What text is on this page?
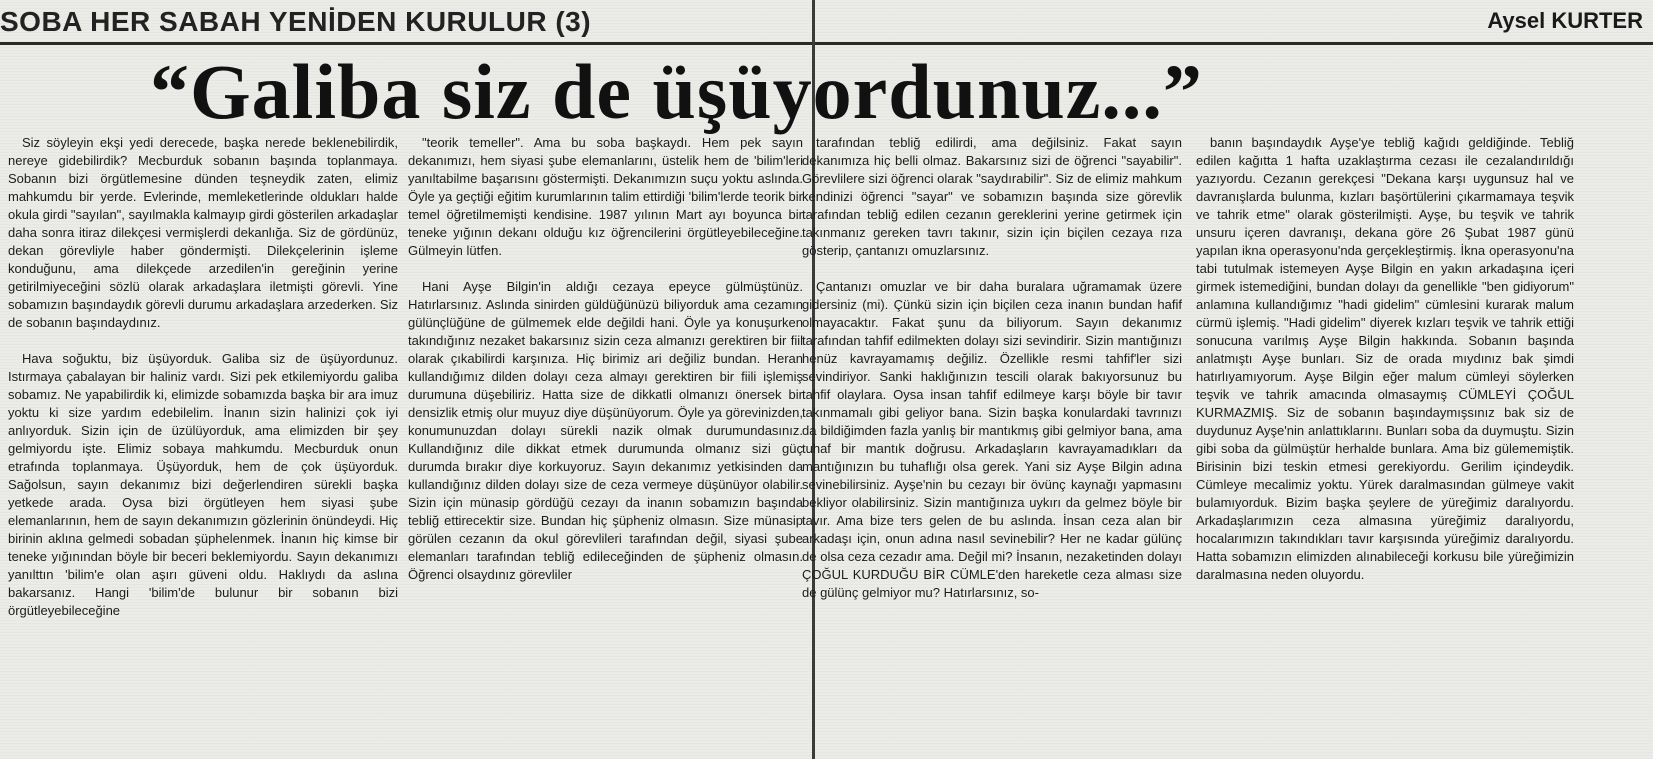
SOBA HER SABAH YENİDEN KURULUR (3)	Aysel KURTER
“Galiba siz de üşüyordunuz...”

Siz söyleyin ekşi yedi derecede, başka nerede beklenebilirdik, nereye gidebilirdik? Mecburduk sobanın başında toplanmaya. Sobanın bizi örgütlemesine dünden teşneydik zaten, elimiz mahkumdu bir yerde. Evlerinde, memleketlerinde oldukları halde okula girdi "sayılan", sayılmakla kalmayıp girdi gösterilen arkadaşlar daha sonra itiraz dilekçesi vermişlerdi dekanlığa. Siz de gördünüz, dekan görevliyle haber göndermişti. Dilekçelerinin işleme konduğunu, ama dilekçede arzedilen'in gereğinin yerine getirilmiyeceğini sözlü olarak arkadaşlara iletmişti görevli. Yine sobamızın başındaydık görevli durumu arkadaşlara arzederken. Siz de sobanın başındaydınız.

Hava soğuktu, biz üşüyorduk. Galiba siz de üşüyordunuz. Istırmaya çabalayan bir haliniz vardı. Sizi pek etkilemiyordu galiba sobamız. Ne yapabilirdik ki, elimizde sobamızda başka bir ara imuz yoktu ki size yardım edebilelim. İnanın sizin halinizi çok iyi anlıyorduk. Sizin için de üzülüyorduk, ama elimizden bir şey gelmiyordu işte. Elimiz sobaya mahkumdu. Mecburduk onun etrafında toplanmaya. Üşüyorduk, hem de çok üşüyorduk. Sağolsun, sayın dekanımız bizi değerlendiren sürekli başka yetkede arada. Oysa bizi örgütleyen hem siyasi şube elemanlarının, hem de sayın dekanımızın gözlerinin önündeydi. Hiç birinin aklına gelmedi sobadan şüphelenmek. İnanın hiç kimse bir teneke yığınından böyle bir beceri beklemiyordu. Sayın dekanımızı yanılttın 'bilim'e olan aşırı güveni oldu. Haklıydı da aslına bakarsanız. Hangi 'bilim'de bulunur bir sobanın bizi örgütleyebileceğine

"teorik temeller". Ama bu soba başkaydı. Hem pek sayın dekanımızı, hem siyasi şube elemanlarını, üstelik hem de 'bilim'leri yanıltabilme başarısını göstermişti. Dekanımızın suçu yoktu aslında. Öyle ya geçtiği eğitim kurumlarının talim ettirdiği 'bilim'lerde teorik bir temel öğretilmemişti kendisine. 1987 yılının Mart ayı boyunca bir teneke yığının dekanı olduğu kız öğrencilerini örgütleyebileceğine. Gülmeyin lütfen.

Hani Ayşe Bilgin'in aldığı cezaya epeyce gülmüştünüz. Hatırlarsınız. Aslında sinirden güldüğünüzü biliyorduk ama cezamın gülünçlüğüne de gülmemek elde değildi hani. Öyle ya konuşurken takındığınız nezaket bakarsınız sizin ceza almanızı gerektiren bir fiil olarak çıkabilirdi karşınıza. Hiç birimiz ari değiliz bundan. Heran kullandığımız dilden dolayı ceza almayı gerektiren bir fiili işlemiş durumuna düşebiliriz. Hatta size de dikkatli olmanızı önersek bir densizlik etmiş olur muyuz diye düşünüyorum. Öyle ya görevinizden, konumunuzdan dolayı sürekli nazik olmak durumundasınız. Kullandığınız dile dikkat etmek durumunda olmanız sizi güç durumda bırakır diye korkuyoruz. Sayın dekanımız yetkisinden da kullandığınız dilden dolayı size de ceza vermeye düşünüyor olabilir. Sizin için münasip gördüğü cezayı da inanın sobamızın başında tebliğ ettirecektir size. Bundan hiç şüpheniz olmasın. Size münasip görülen cezanın da okul görevlileri tarafından değil, siyasi şube elemanları tarafından tebliğ edileceğinden de şüpheniz olmasın. Öğrenci olsaydınız görevliler

tarafından tebliğ edilirdi, ama değilsiniz. Fakat sayın dekanımıza hiç belli olmaz. Bakarsınız sizi de öğrenci "sayabilir". Görevlilere sizi öğrenci olarak "saydırabilir". Siz de elimiz mahkum kendinizi öğrenci "sayar" ve sobamızın başında size görevlik tarafından tebliğ edilen cezanın gereklerini yerine getirmek için takınmanız gereken tavrı takınır, sizin için biçilen cezaya rıza gösterip, çantanızı omuzlarsınız.

Çantanızı omuzlar ve bir daha buralara uğramamak üzere gidersiniz (mi). Çünkü sizin için biçilen ceza inanın bundan hafif olmayacaktır. Fakat şunu da biliyorum. Sayın dekanımız tarafından tahfif edilmekten dolayı sizi sevindirir. Sizin mantığınızı henüz kavrayamamış değiliz. Özellikle resmi tahfif'ler sizi sevindiriyor. Sanki haklığınızın tescili olarak bakıyorsunuz bu tahfif olaylara. Oysa insan tahfif edilmeye karşı böyle bir tavır takınmamalı gibi geliyor bana. Sizin başka konulardaki tavrınızı da bildiğimden fazla yanlış bir mantıkmış gibi gelmiyor bana, ama tuhaf bir mantık doğrusu. Arkadaşların kavrayamadıkları da mantığınızın bu tuhaflığı olsa gerek. Yani siz Ayşe Bilgin adına sevinebilirsiniz. Ayşe'nin bu cezayı bir övünç kaynağı yapmasını bekliyor olabilirsiniz. Sizin mantığınıza uykırı da gelmez böyle bir tavır. Ama bize ters gelen de bu aslında. İnsan ceza alan bir arkadaşı için, onun adına nasıl sevinebilir? Her ne kadar gülünç de olsa ceza cezadır ama. Değil mi? İnsanın, nezaketinden dolayı ÇOĞUL KURDUĞU BİR CÜMLE'den hareketle ceza alması size de gülünç gelmiyor mu? Hatırlarsınız, so-

banın başındaydık Ayşe'ye tebliğ kağıdı geldiğinde. Tebliğ edilen kağıtta 1 hafta uzaklaştırma cezası ile cezalandırıldığı yazıyordu. Cezanın gerekçesi "Dekana karşı uygunsuz hal ve davranışlarda bulunma, kızları başörtülerini çıkarmamaya teşvik ve tahrik etme" olarak gösterilmişti. Ayşe, bu teşvik ve tahrik unsuru içeren davranışı, dekana göre 26 Şubat 1987 günü yapılan ikna operasyonu'nda gerçekleştirmiş. İkna operasyonu'na tabi tutulmak istemeyen Ayşe Bilgin en yakın arkadaşına içeri girmek istemediğini, bundan dolayı da genellikle "ben gidiyorum" anlamına kullandığımız "hadi gidelim" cümlesini kurarak malum cürmü işlemiş. "Hadi gidelim" diyerek kızları teşvik ve tahrik ettiği sonucuna varılmış Ayşe Bilgin hakkında. Sobanın başında anlatmıştı Ayşe bunları. Siz de orada mıydınız bak şimdi hatırlıyamıyorum. Ayşe Bilgin eğer malum cümleyi söylerken teşvik ve tahrik amacında olmasaymış CÜMLEYİ ÇOĞUL KURMAZMIŞ. Siz de sobanın başındaymışsınız bak siz de duydunuz Ayşe'nin anlattıklarını. Bunları soba da duymuştu. Sizin gibi soba da gülmüştür herhalde bunlara. Ama biz gülememiştik. Birisinin bizi teskin etmesi gerekiyordu. Gerilim içindeydik. Cümleye mecalimiz yoktu. Yürek daralmasından gülmeye vakit bulamıyorduk. Bizim başka şeylere de yüreğimiz daralıyordu. Arkadaşlarımızın ceza almasına yüreğimiz daralıyordu, hocalarımızın takındıkları tavır karşısında yüreğimiz daralıyordu. Hatta sobamızın elimizden alınabileceği korkusu bile yüreğimizin daralmasına neden oluyordu.
